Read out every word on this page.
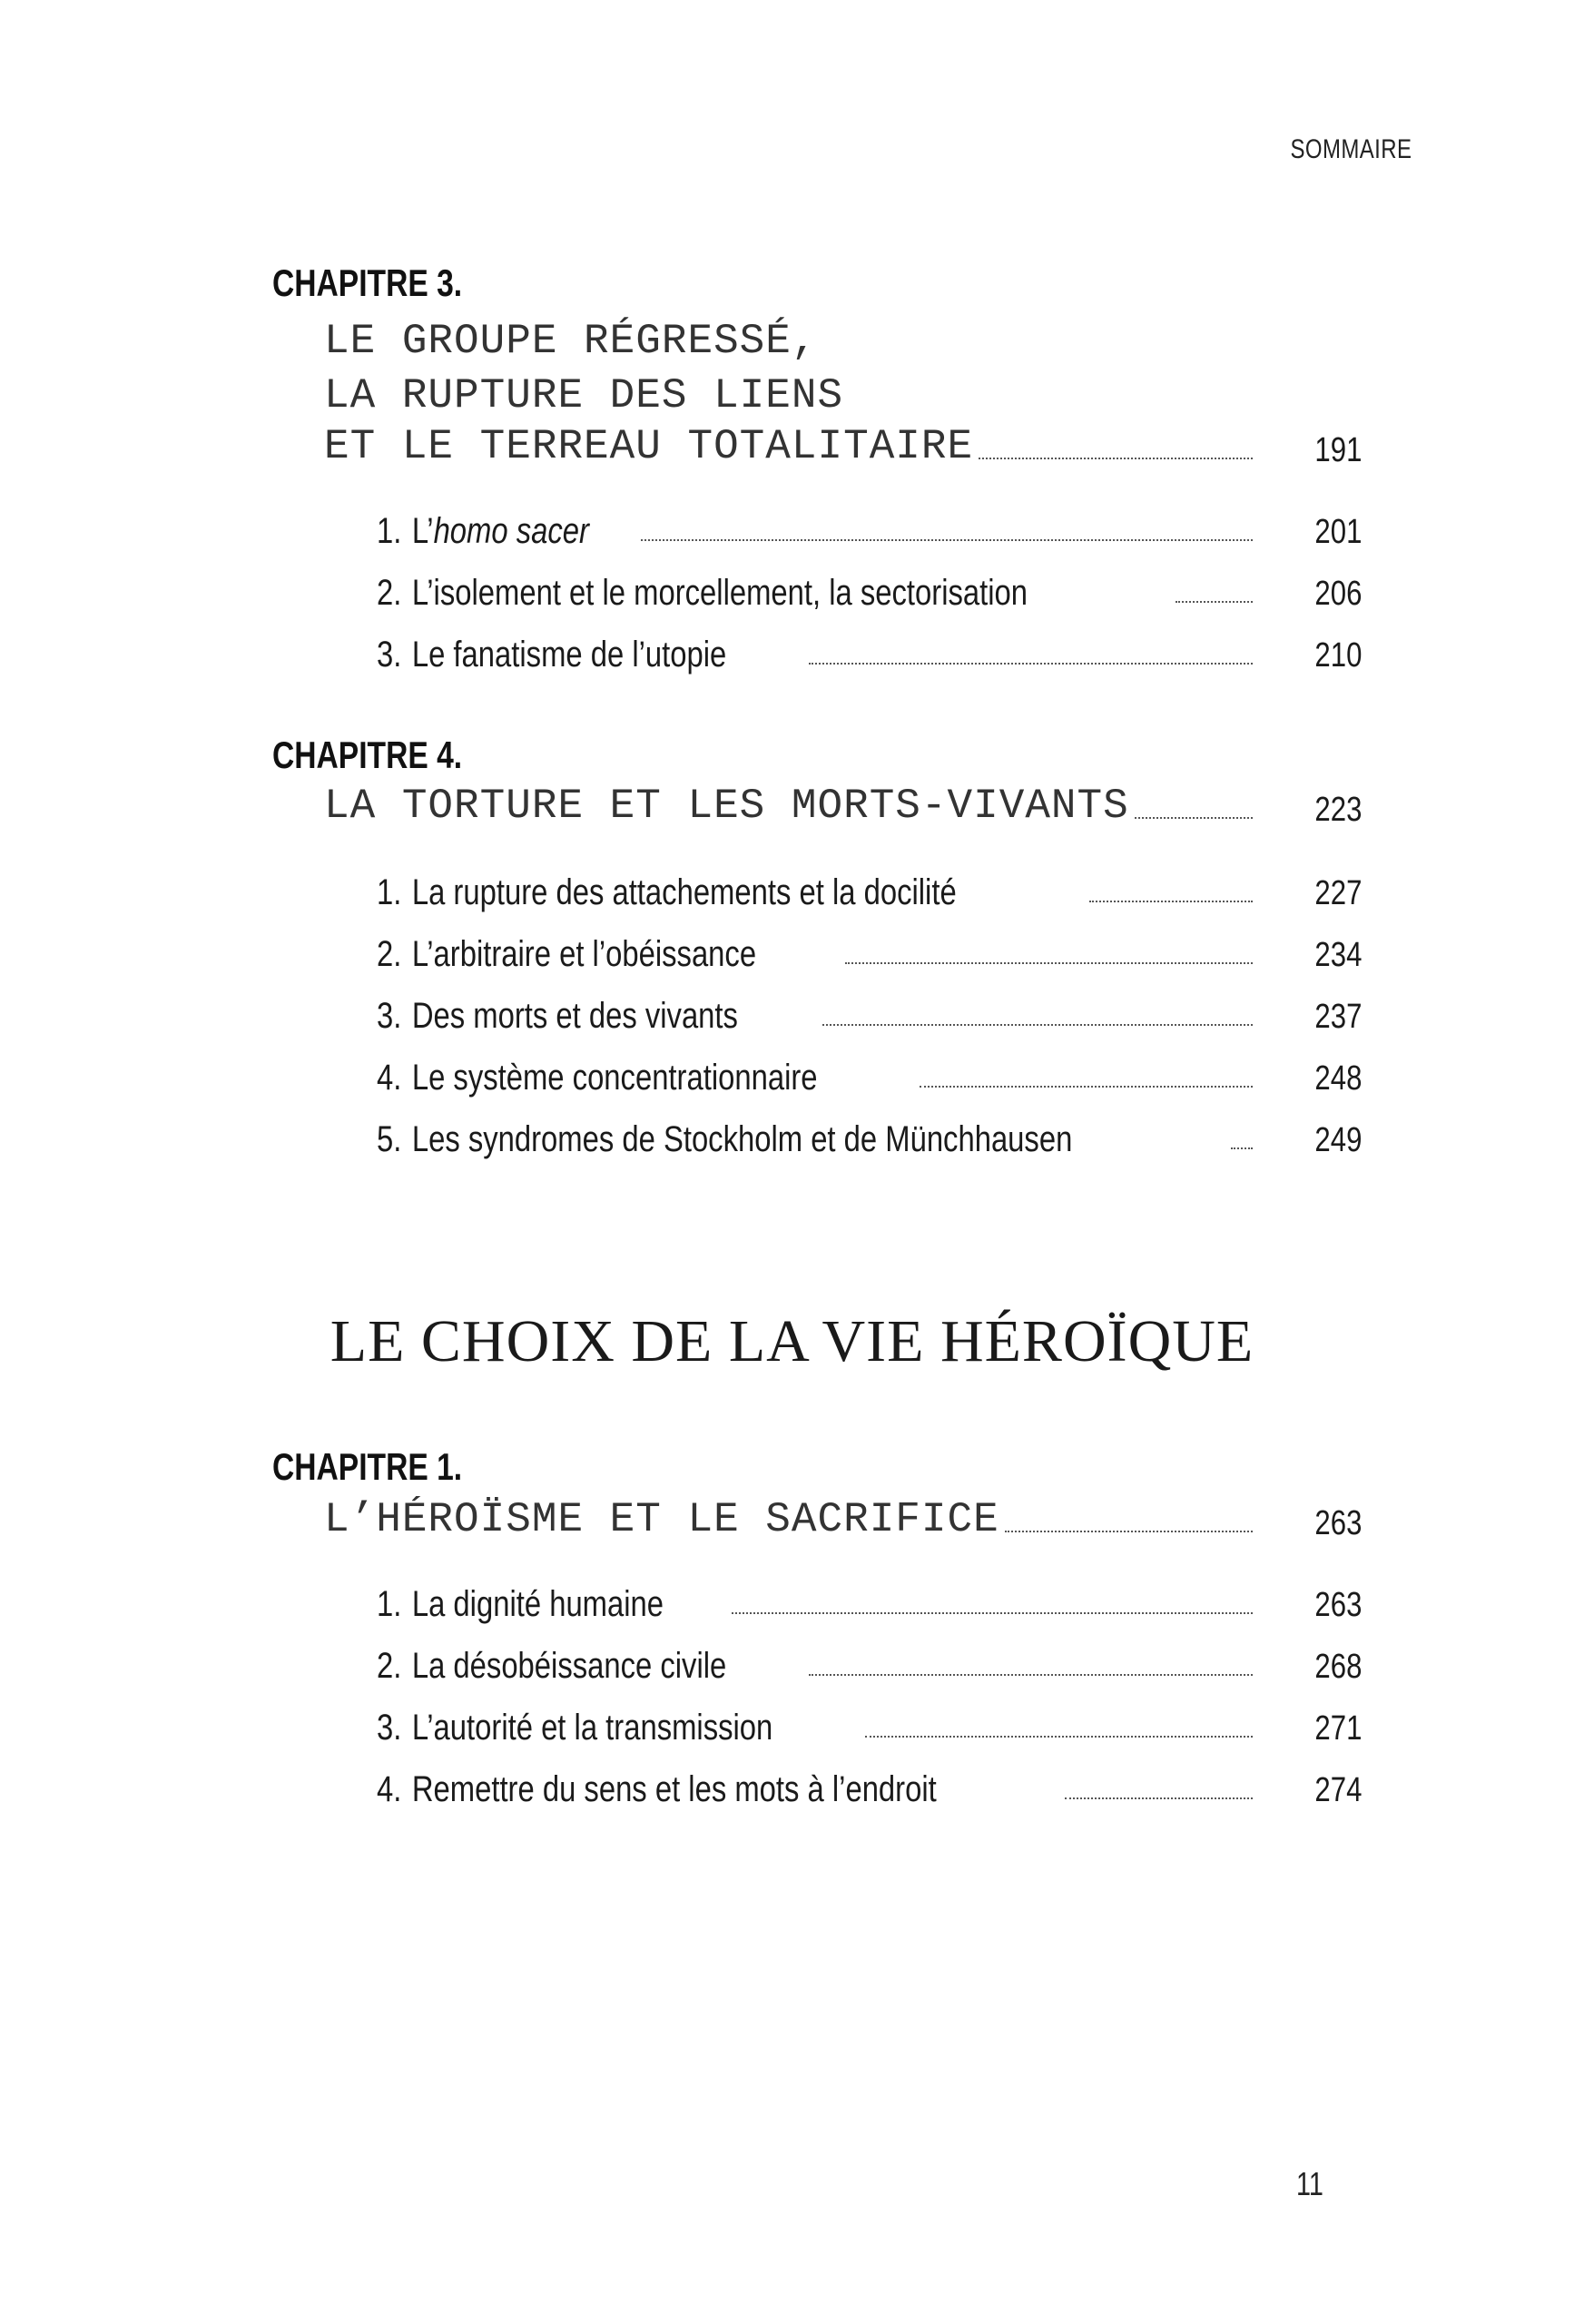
SOMMAIRE
CHAPITRE 3.
LE GROUPE RÉGRESSÉ,
LA RUPTURE DES LIENS
ET LE TERREAU TOTALITAIRE	191
1. L’homo sacer	201
2. L’isolement et le morcellement, la sectorisation	206
3. Le fanatisme de l’utopie	210
CHAPITRE 4.
LA TORTURE ET LES MORTS-VIVANTS	223
1. La rupture des attachements et la docilité	227
2. L’arbitraire et l’obéissance	234
3. Des morts et des vivants	237
4. Le système concentrationnaire	248
5. Les syndromes de Stockholm et de Münchhausen	249
LE CHOIX DE LA VIE HÉROÏQUE
CHAPITRE 1.
L’HÉROÏSME ET LE SACRIFICE	263
1. La dignité humaine	263
2. La désobéissance civile	268
3. L’autorité et la transmission	271
4. Remettre du sens et les mots à l’endroit	274
11
